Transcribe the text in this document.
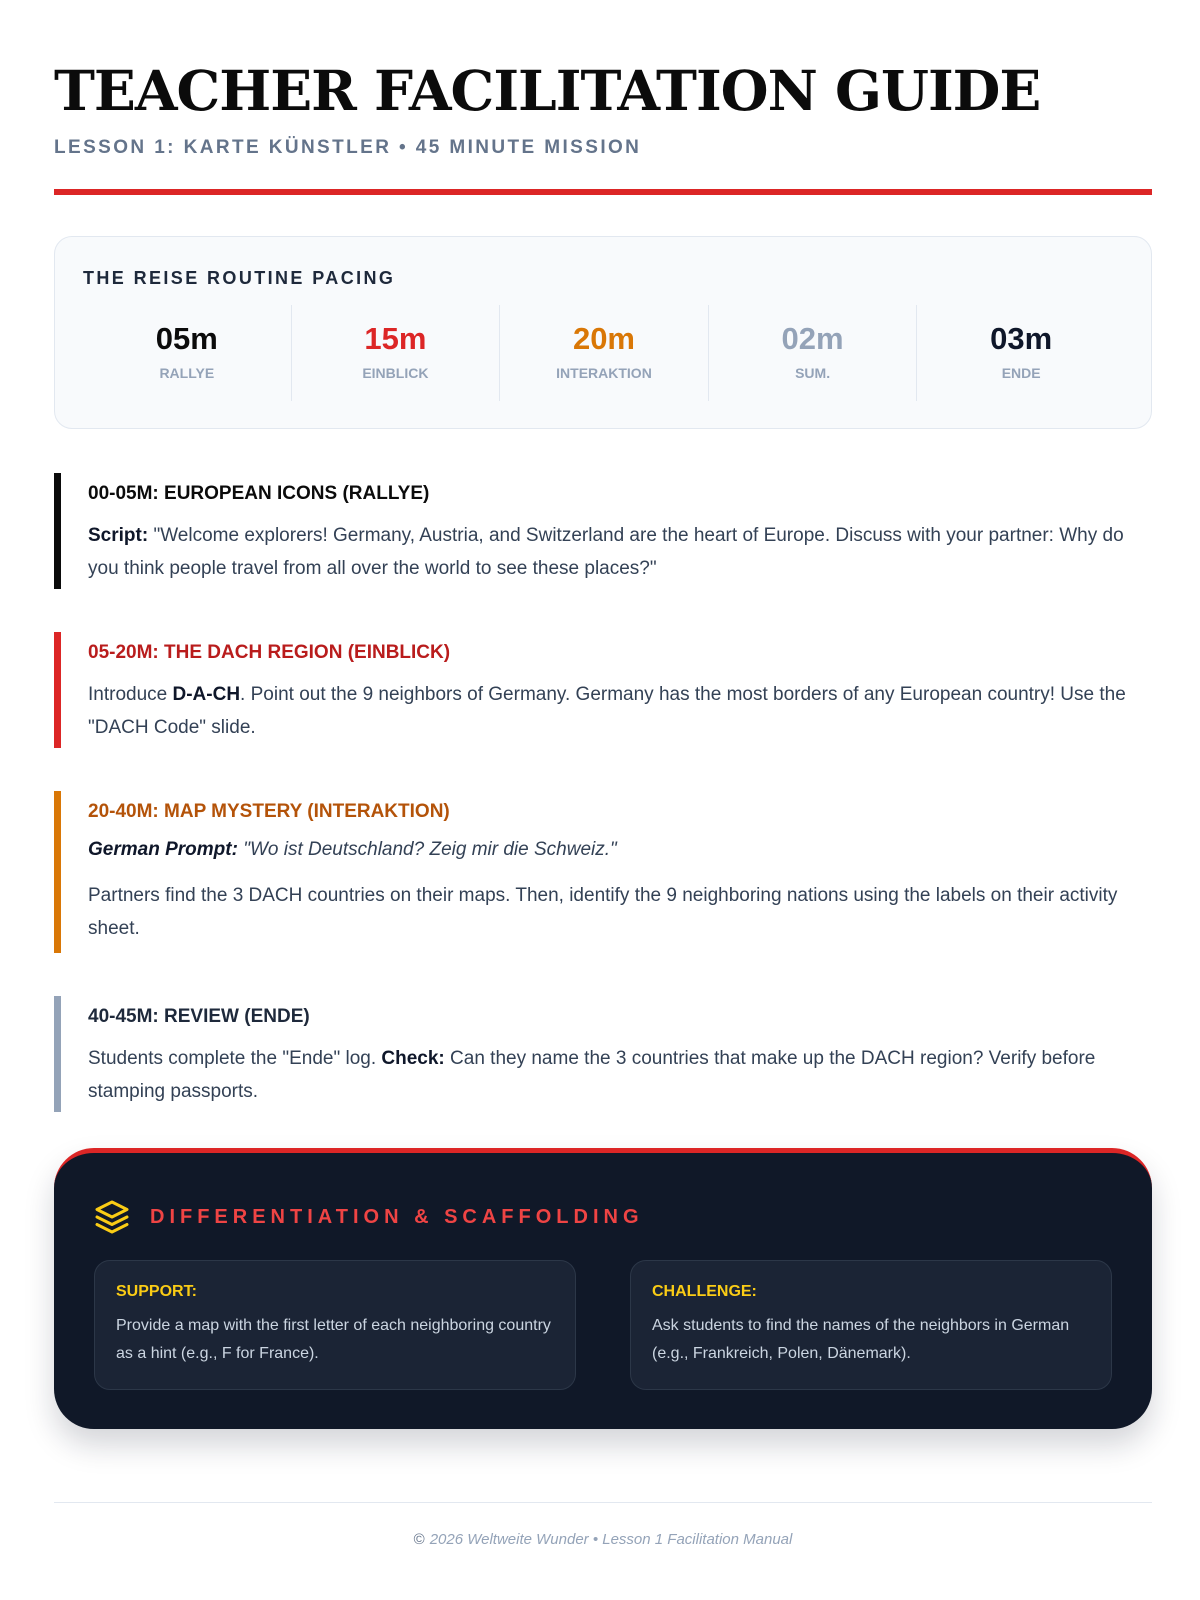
TEACHER FACILITATION GUIDE
LESSON 1: KARTE KÜNSTLER • 45 MINUTE MISSION
THE REISE ROUTINE PACING
05m
RALLYE
15m
EINBLICK
20m
INTERAKTION
02m
SUM.
03m
ENDE
00-05M: EUROPEAN ICONS (RALLYE)
Script: "Welcome explorers! Germany, Austria, and Switzerland are the heart of Europe. Discuss with your partner: Why do you think people travel from all over the world to see these places?"
05-20M: THE DACH REGION (EINBLICK)
Introduce D-A-CH. Point out the 9 neighbors of Germany. Germany has the most borders of any European country! Use the "DACH Code" slide.
20-40M: MAP MYSTERY (INTERAKTION)
German Prompt: "Wo ist Deutschland? Zeig mir die Schweiz."
Partners find the 3 DACH countries on their maps. Then, identify the 9 neighboring nations using the labels on their activity sheet.
40-45M: REVIEW (ENDE)
Students complete the "Ende" log. Check: Can they name the 3 countries that make up the DACH region? Verify before stamping passports.
DIFFERENTIATION & SCAFFOLDING
SUPPORT:
Provide a map with the first letter of each neighboring country as a hint (e.g., F for France).
CHALLENGE:
Ask students to find the names of the neighbors in German (e.g., Frankreich, Polen, Dänemark).
© 2026 Weltweite Wunder • Lesson 1 Facilitation Manual
